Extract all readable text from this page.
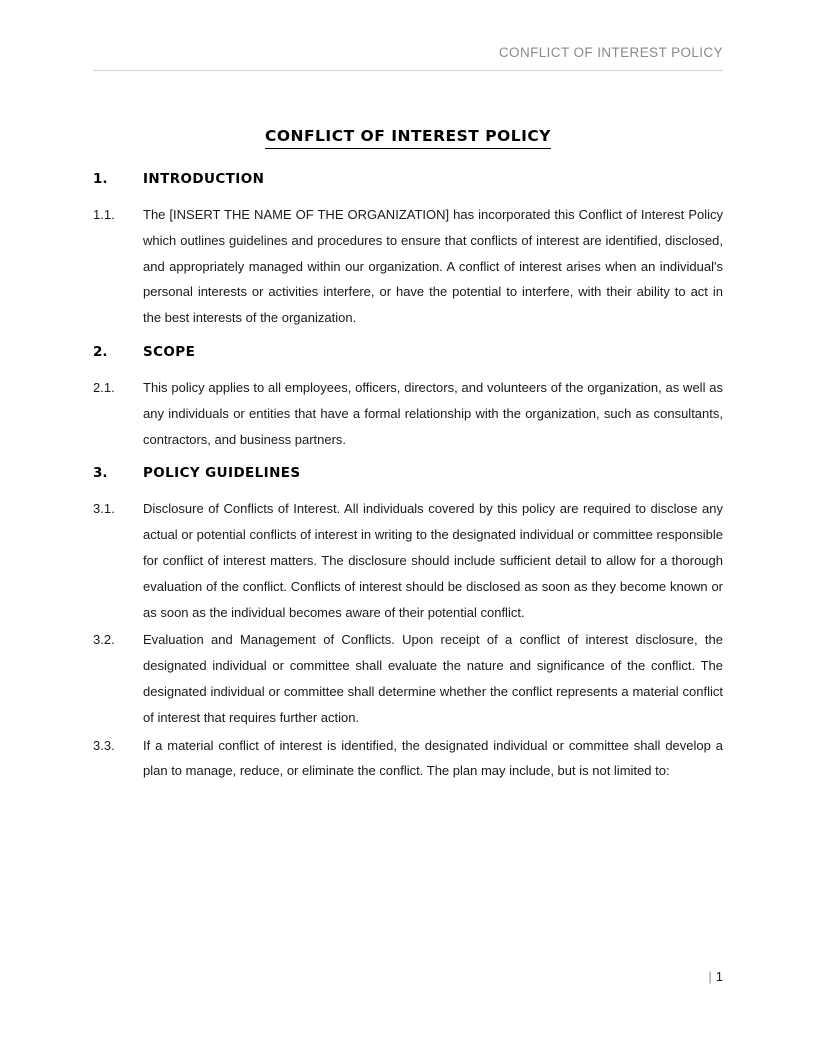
CONFLICT OF INTEREST POLICY
CONFLICT OF INTEREST POLICY
1.	INTRODUCTION
1.1.	The [INSERT THE NAME OF THE ORGANIZATION] has incorporated this Conflict of Interest Policy which outlines guidelines and procedures to ensure that conflicts of interest are identified, disclosed, and appropriately managed within our organization. A conflict of interest arises when an individual's personal interests or activities interfere, or have the potential to interfere, with their ability to act in the best interests of the organization.
2.	SCOPE
2.1.	This policy applies to all employees, officers, directors, and volunteers of the organization, as well as any individuals or entities that have a formal relationship with the organization, such as consultants, contractors, and business partners.
3.	POLICY GUIDELINES
3.1.	Disclosure of Conflicts of Interest. All individuals covered by this policy are required to disclose any actual or potential conflicts of interest in writing to the designated individual or committee responsible for conflict of interest matters. The disclosure should include sufficient detail to allow for a thorough evaluation of the conflict. Conflicts of interest should be disclosed as soon as they become known or as soon as the individual becomes aware of their potential conflict.
3.2.	Evaluation and Management of Conflicts. Upon receipt of a conflict of interest disclosure, the designated individual or committee shall evaluate the nature and significance of the conflict. The designated individual or committee shall determine whether the conflict represents a material conflict of interest that requires further action.
3.3.	If a material conflict of interest is identified, the designated individual or committee shall develop a plan to manage, reduce, or eliminate the conflict. The plan may include, but is not limited to:
| 1
